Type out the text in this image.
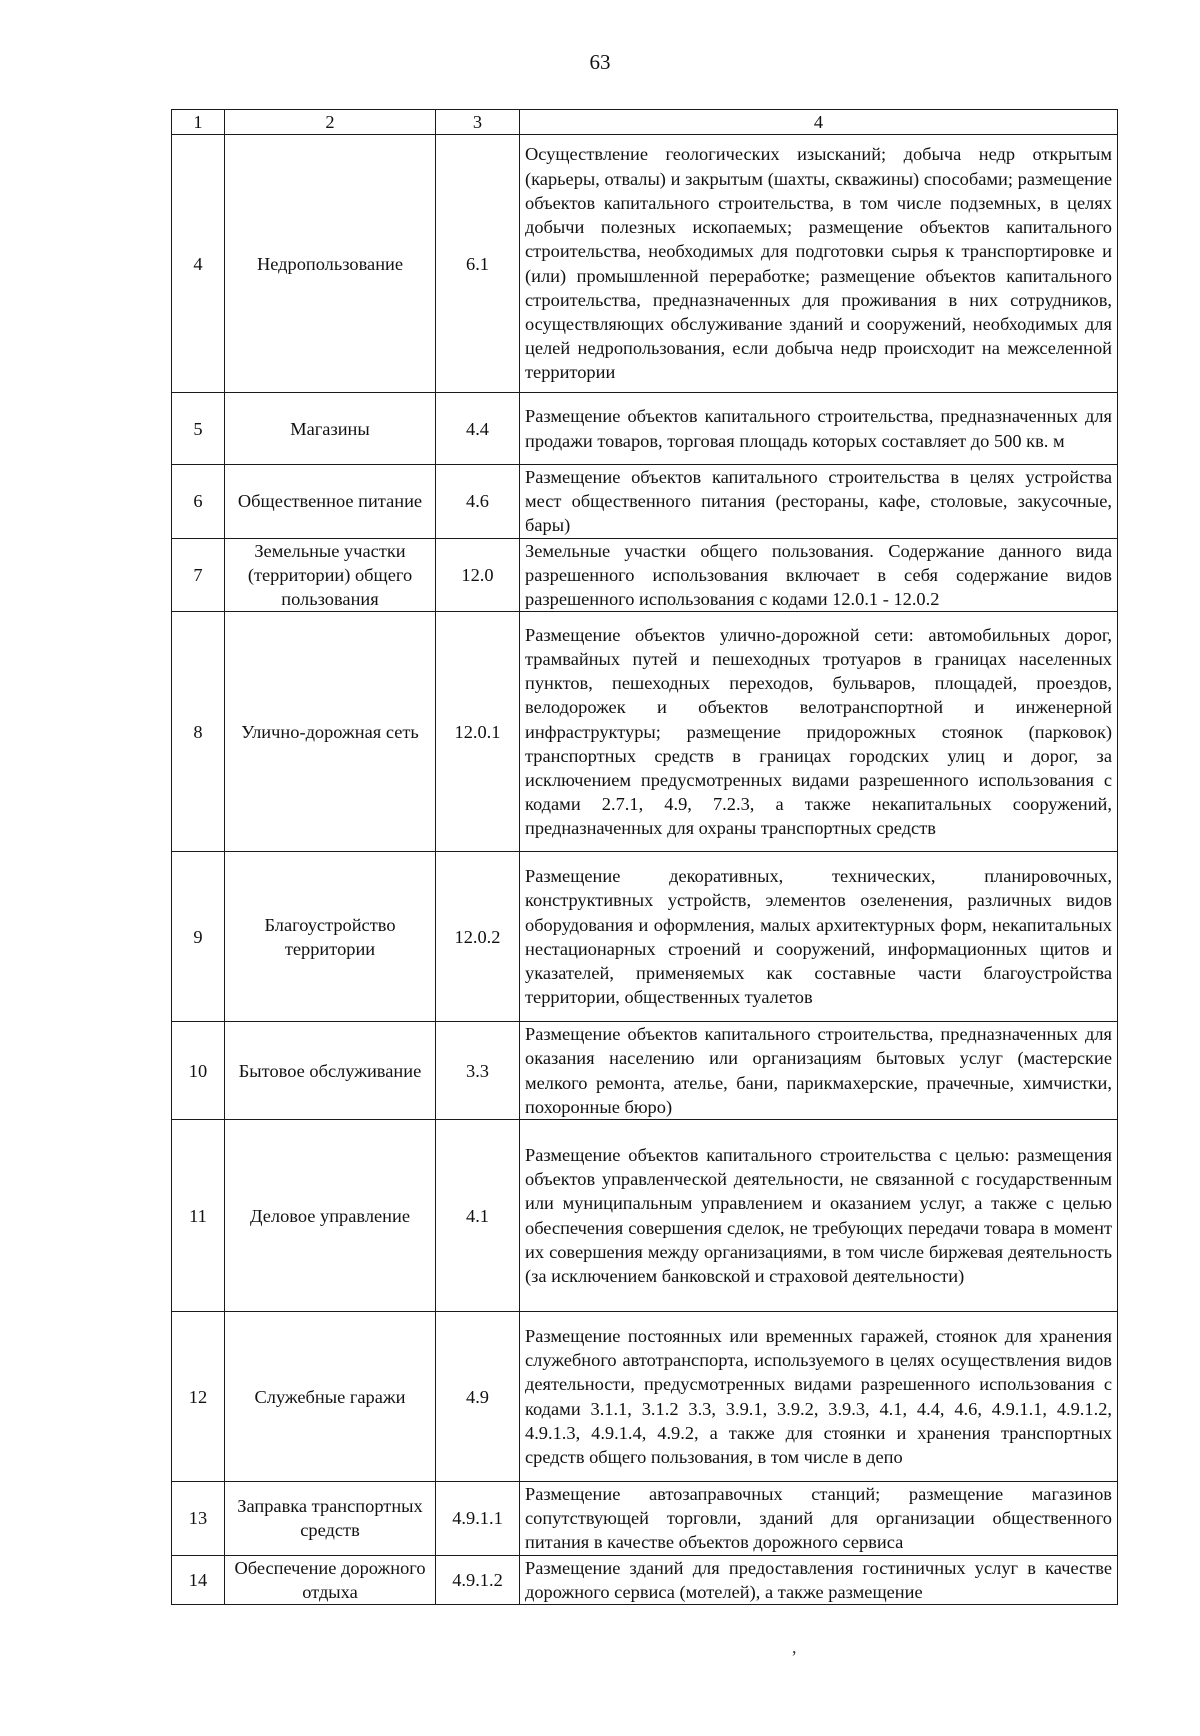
63
1	2	3	4
4	Недропользование	6.1	Осуществление геологических изысканий; добыча недр открытым (карьеры, отвалы) и закрытым (шахты, скважины) способами; размещение объектов капитального строительства, в том числе подземных, в целях добычи полезных ископаемых; размещение объектов капитального строительства, необходимых для подготовки сырья к транспортировке и (или) промышленной переработке; размещение объектов капитального строительства, предназначенных для проживания в них сотрудников, осуществляющих обслуживание зданий и сооружений, необходимых для целей недропользования, если добыча недр происходит на межселенной территории
5	Магазины	4.4	Размещение объектов капитального строительства, предназначенных для продажи товаров, торговая площадь которых составляет до 500 кв. м
6	Общественное питание	4.6	Размещение объектов капитального строительства в целях устройства мест общественного питания (рестораны, кафе, столовые, закусочные, бары)
7	Земельные участки (территории) общего пользования	12.0	Земельные участки общего пользования. Содержание данного вида разрешенного использования включает в себя содержание видов разрешенного использования с кодами 12.0.1 - 12.0.2
8	Улично-дорожная сеть	12.0.1	Размещение объектов улично-дорожной сети: автомобильных дорог, трамвайных путей и пешеходных тротуаров в границах населенных пунктов, пешеходных переходов, бульваров, площадей, проездов, велодорожек и объектов велотранспортной и инженерной инфраструктуры; размещение придорожных стоянок (парковок) транспортных средств в границах городских улиц и дорог, за исключением предусмотренных видами разрешенного использования с кодами 2.7.1, 4.9, 7.2.3, а также некапитальных сооружений, предназначенных для охраны транспортных средств
9	Благоустройство территории	12.0.2	Размещение декоративных, технических, планировочных, конструктивных устройств, элементов озеленения, различных видов оборудования и оформления, малых архитектурных форм, некапитальных нестационарных строений и сооружений, информационных щитов и указателей, применяемых как составные части благоустройства территории, общественных туалетов
10	Бытовое обслуживание	3.3	Размещение объектов капитального строительства, предназначенных для оказания населению или организациям бытовых услуг (мастерские мелкого ремонта, ателье, бани, парикмахерские, прачечные, химчистки, похоронные бюро)
11	Деловое управление	4.1	Размещение объектов капитального строительства с целью: размещения объектов управленческой деятельности, не связанной с государственным или муниципальным управлением и оказанием услуг, а также с целью обеспечения совершения сделок, не требующих передачи товара в момент их совершения между организациями, в том числе биржевая деятельность (за исключением банковской и страховой деятельности)
12	Служебные гаражи	4.9	Размещение постоянных или временных гаражей, стоянок для хранения служебного автотранспорта, используемого в целях осуществления видов деятельности, предусмотренных видами разрешенного использования с кодами 3.1.1, 3.1.2 3.3, 3.9.1, 3.9.2, 3.9.3, 4.1, 4.4, 4.6, 4.9.1.1, 4.9.1.2, 4.9.1.3, 4.9.1.4, 4.9.2, а также для стоянки и хранения транспортных средств общего пользования, в том числе в депо
13	Заправка транспортных средств	4.9.1.1	Размещение автозаправочных станций; размещение магазинов сопутствующей торговли, зданий для организации общественного питания в качестве объектов дорожного сервиса
14	Обеспечение дорожного отдыха	4.9.1.2	Размещение зданий для предоставления гостиничных услуг в качестве дорожного сервиса (мотелей), а также размещение
,
